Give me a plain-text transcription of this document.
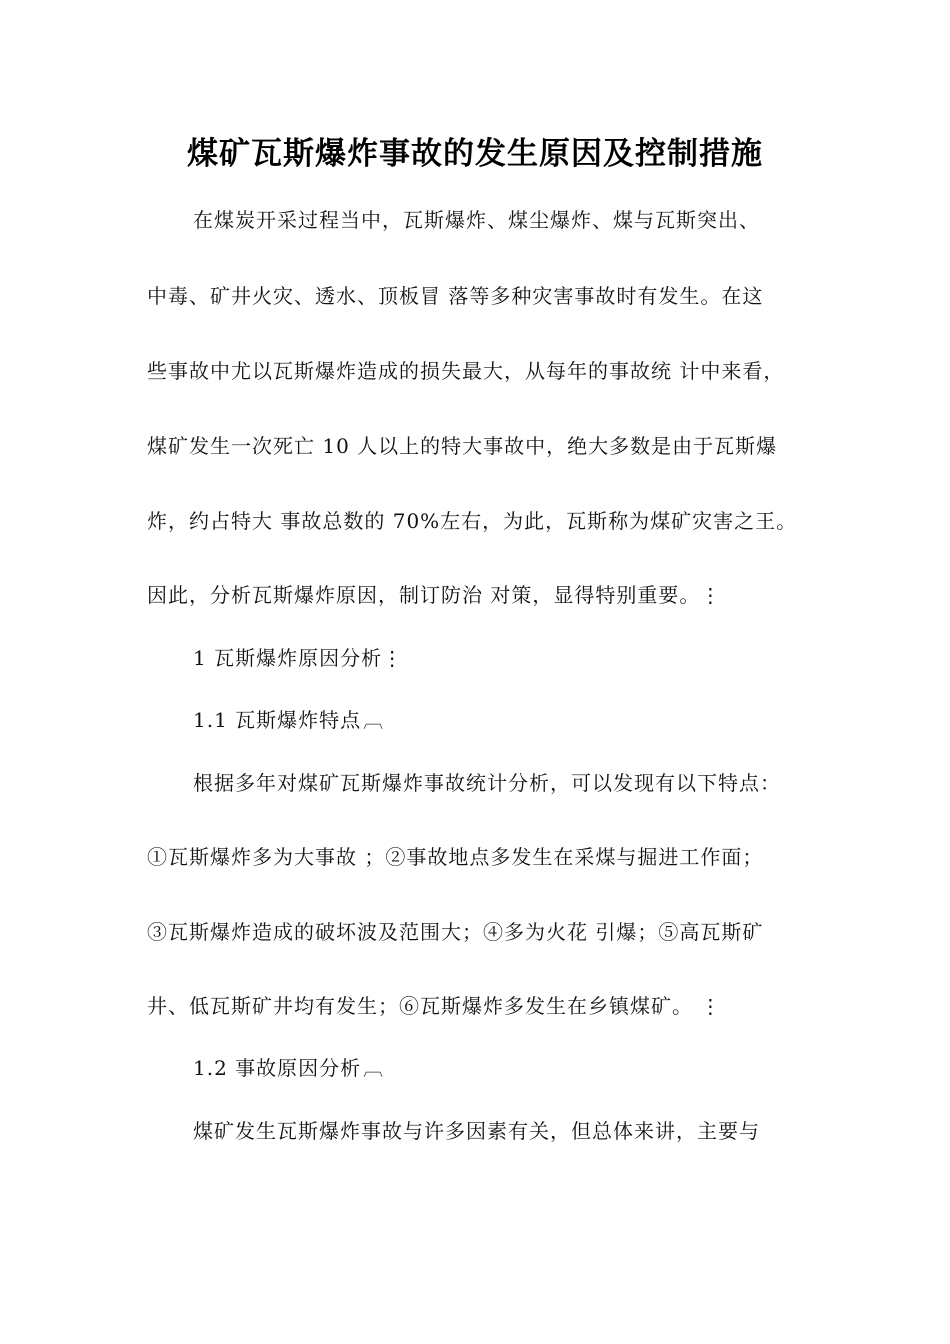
煤矿瓦斯爆炸事故的发生原因及控制措施
在煤炭开采过程当中，瓦斯爆炸、煤尘爆炸、煤与瓦斯突出、
中毒、矿井火灾、透水、顶板冒 落等多种灾害事故时有发生。在这
些事故中尤以瓦斯爆炸造成的损失最大，从每年的事故统 计中来看，
煤矿发生一次死亡 10 人以上的特大事故中，绝大多数是由于瓦斯爆
炸，约占特大 事故总数的 70%左右，为此，瓦斯称为煤矿灾害之王。
因此，分析瓦斯爆炸原因，制订防治 对策，显得特别重要。⋮
1 瓦斯爆炸原因分析⋮
1.1 瓦斯爆炸特点 ︹
根据多年对煤矿瓦斯爆炸事故统计分析，可以发现有以下特点：
①瓦斯爆炸多为大事故 ；②事故地点多发生在采煤与掘进工作面；
③瓦斯爆炸造成的破坏波及范围大；④多为火花 引爆；⑤高瓦斯矿
井、低瓦斯矿井均有发生；⑥瓦斯爆炸多发生在乡镇煤矿。 ⋮
1.2 事故原因分析 ︹
煤矿发生瓦斯爆炸事故与许多因素有关，但总体来讲，主要与
